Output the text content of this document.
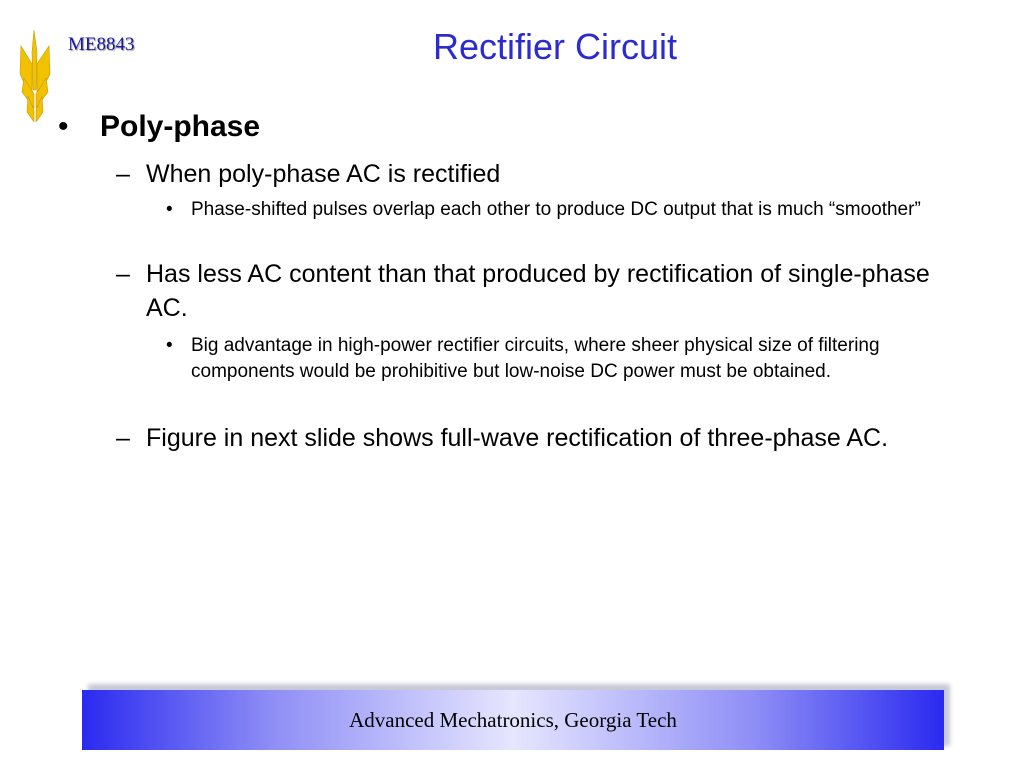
ME8843	Rectifier Circuit
•	Poly-phase
– When poly-phase AC is rectified
• Phase-shifted pulses overlap each other to produce DC output that is much “smoother”
– Has less AC content than that produced by rectification of single-phase AC.
• Big advantage in high-power rectifier circuits, where sheer physical size of filtering components would be prohibitive but low-noise DC power must be obtained.
– Figure in next slide shows full-wave rectification of three-phase AC.
Advanced Mechatronics, Georgia Tech
